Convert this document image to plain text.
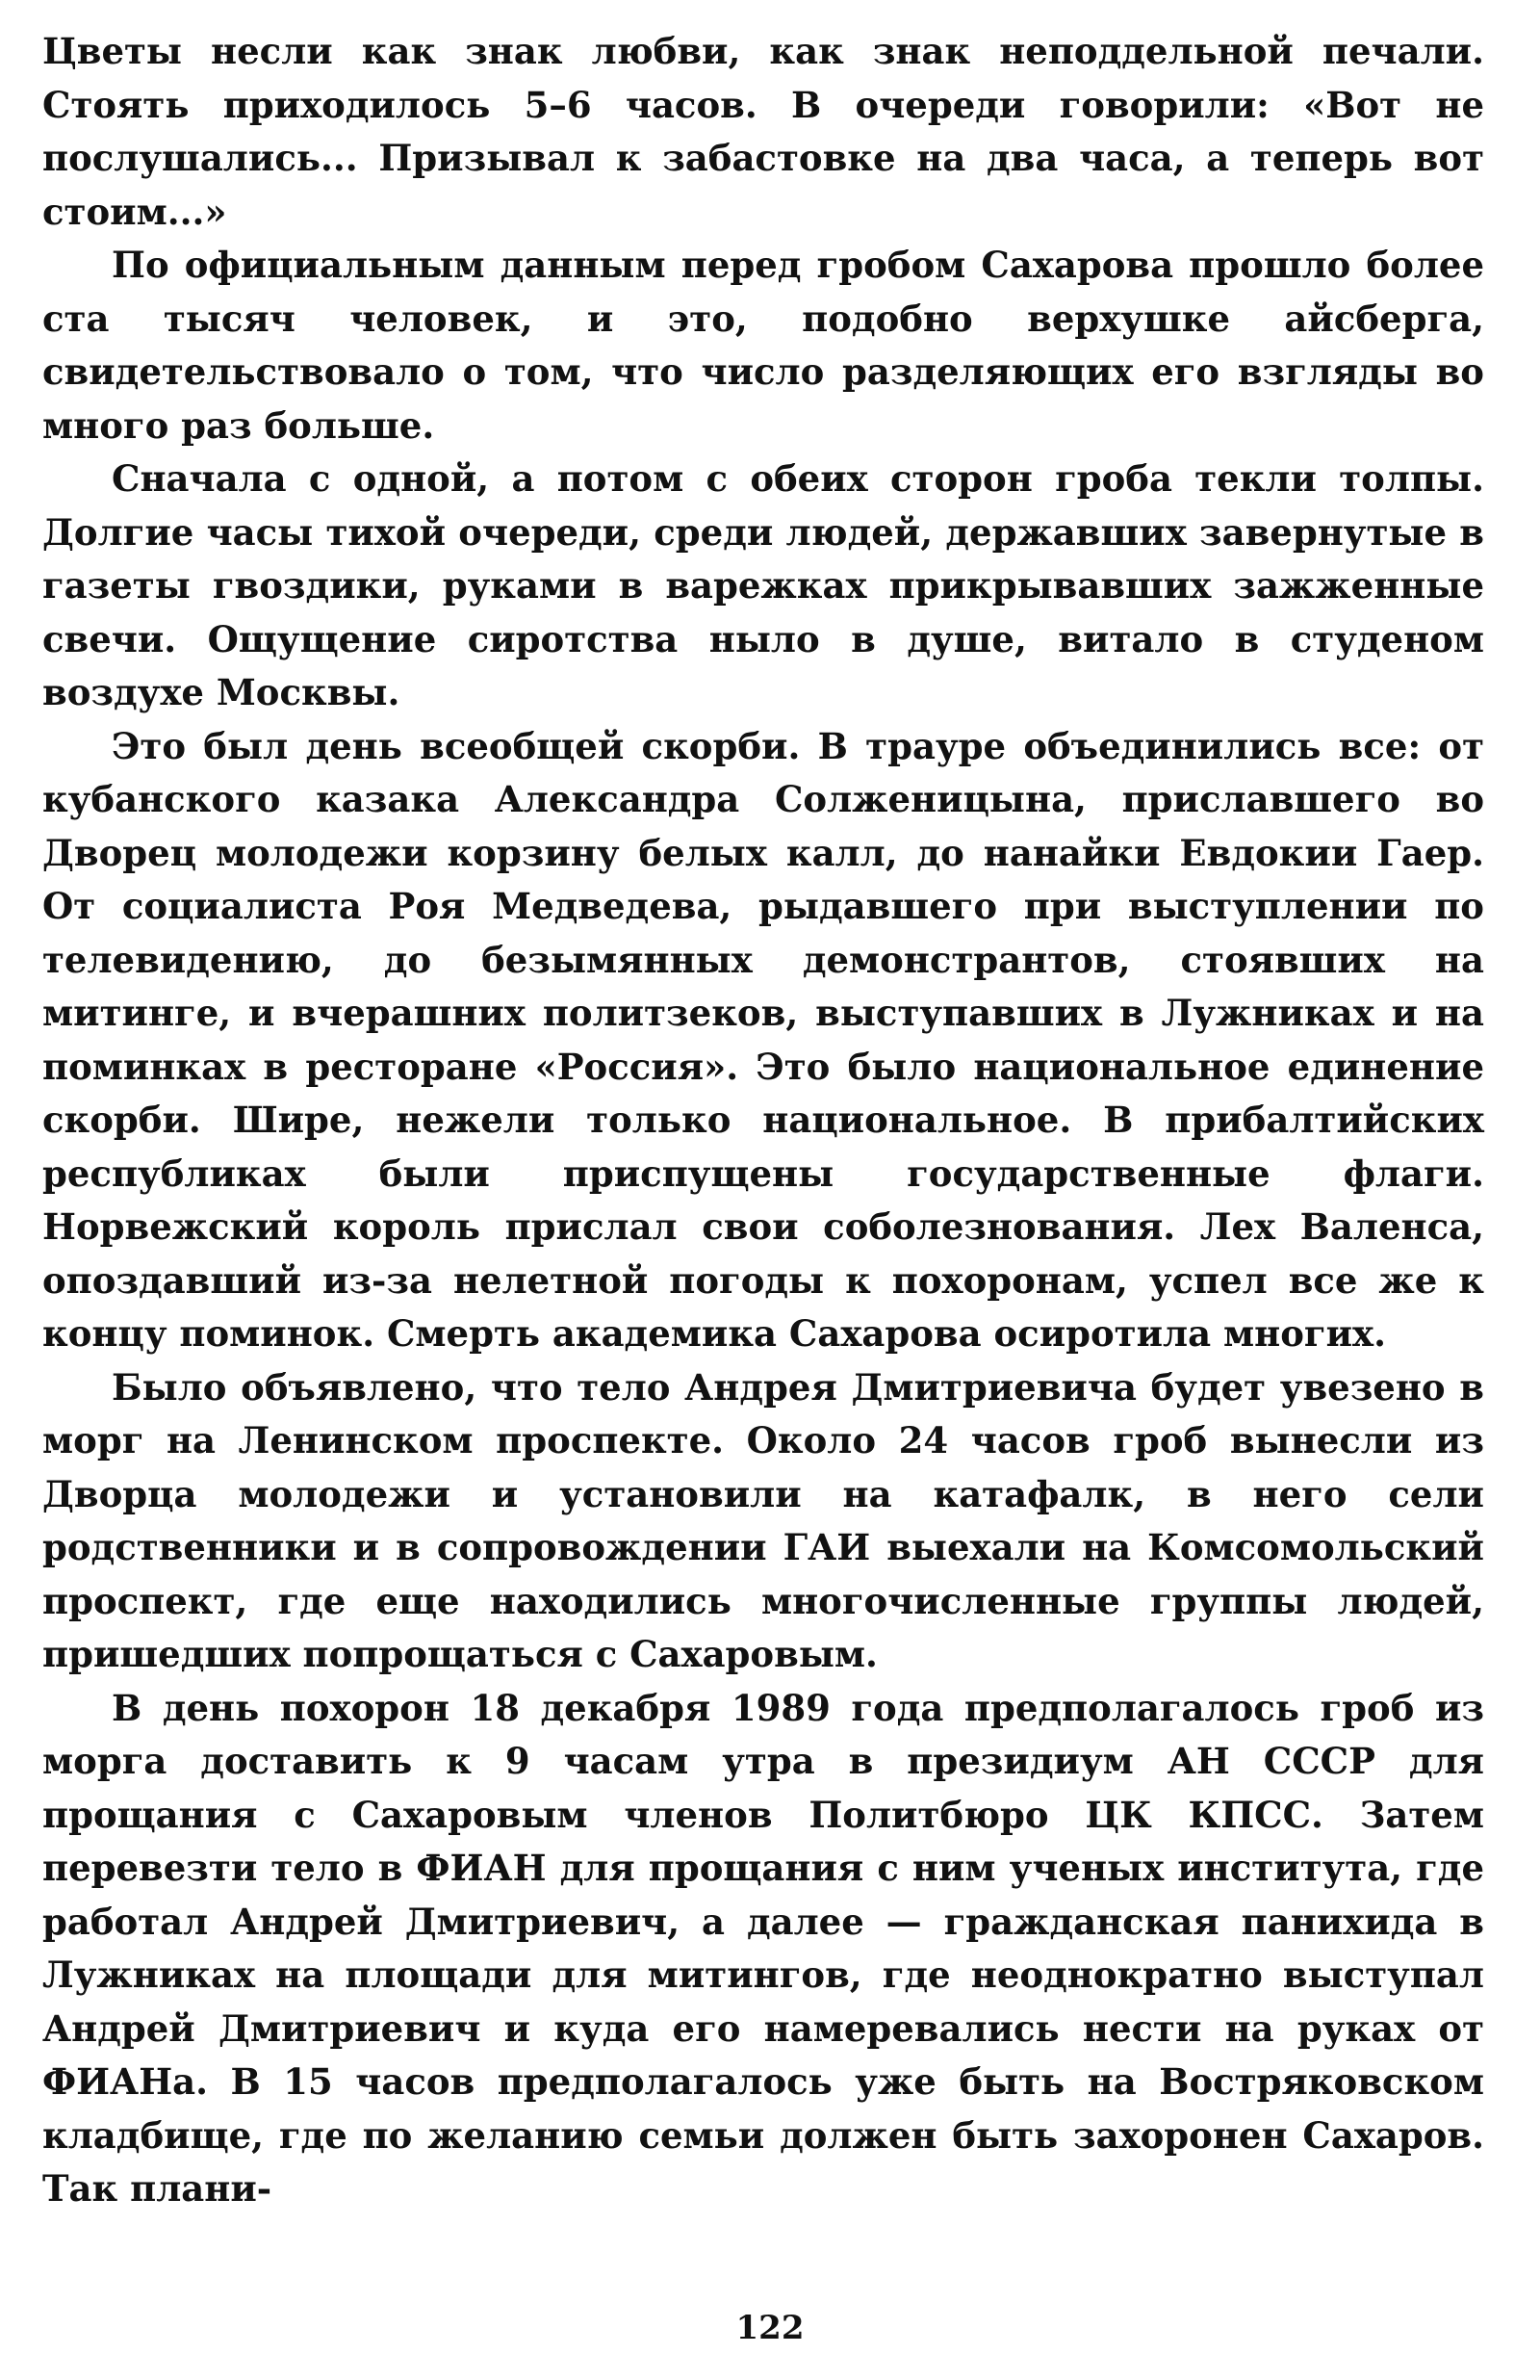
Цветы несли как знак любви, как знак неподдельной печали. Стоять приходилось 5–6 часов. В очереди говорили: «Вот не послушались... Призывал к забастовке на два часа, а теперь вот стоим...»

По официальным данным перед гробом Сахарова прошло более ста тысяч человек, и это, подобно верхушке айсберга, свидетельствовало о том, что число разделяющих его взгляды во много раз больше.

Сначала с одной, а потом с обеих сторон гроба текли толпы. Долгие часы тихой очереди, среди людей, державших завернутые в газеты гвоздики, руками в варежках прикрывавших зажженные свечи. Ощущение сиротства ныло в душе, витало в студеном воздухе Москвы.

Это был день всеобщей скорби. В трауре объединились все: от кубанского казака Александра Солженицына, приславшего во Дворец молодежи корзину белых калл, до нанайки Евдокии Гаер. От социалиста Роя Медведева, рыдавшего при выступлении по телевидению, до безымянных демонстрантов, стоявших на митинге, и вчерашних политзеков, выступавших в Лужниках и на поминках в ресторане «Россия». Это было национальное единение скорби. Шире, нежели только национальное. В прибалтийских республиках были приспущены государственные флаги. Норвежский король прислал свои соболезнования. Лех Валенса, опоздавший из-за нелетной погоды к похоронам, успел все же к концу поминок. Смерть академика Сахарова осиротила многих.

Было объявлено, что тело Андрея Дмитриевича будет увезено в морг на Ленинском проспекте. Около 24 часов гроб вынесли из Дворца молодежи и установили на катафалк, в него сели родственники и в сопровождении ГАИ выехали на Комсомольский проспект, где еще находились многочисленные группы людей, пришедших попрощаться с Сахаровым.

В день похорон 18 декабря 1989 года предполагалось гроб из морга доставить к 9 часам утра в президиум АН СССР для прощания с Сахаровым членов Политбюро ЦК КПСС. Затем перевезти тело в ФИАН для прощания с ним ученых института, где работал Андрей Дмитриевич, а далее — гражданская панихида в Лужниках на площади для митингов, где неоднократно выступал Андрей Дмитриевич и куда его намеревались нести на руках от ФИАНа. В 15 часов предполагалось уже быть на Востряковском кладбище, где по желанию семьи должен быть захоронен Сахаров. Так плани-

122
